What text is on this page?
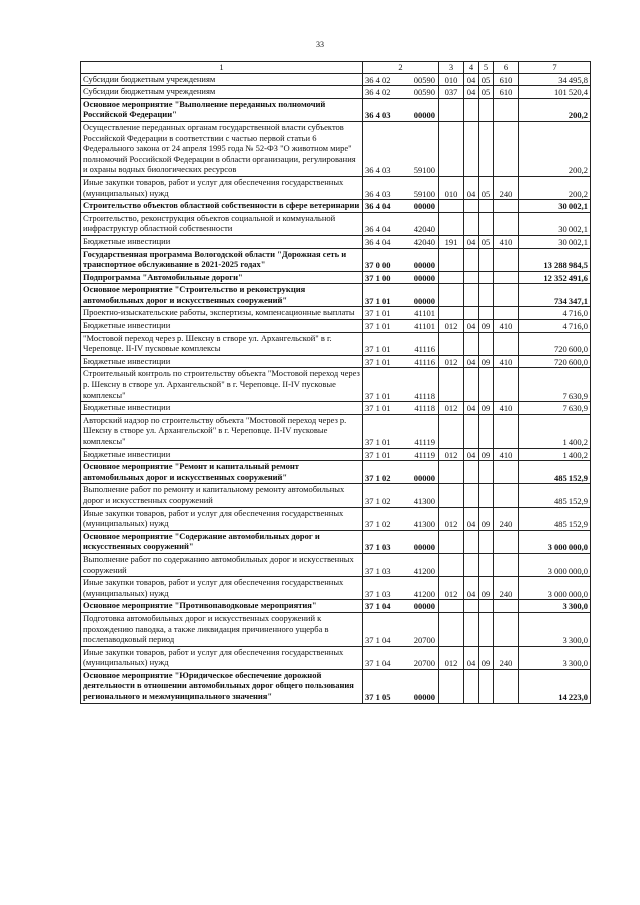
33
1	2		3	4	5	6	7
Субсидии бюджетным учреждениям	36 4 02	00590	010	04	05	610	34 495,8
Субсидии бюджетным учреждениям	36 4 02	00590	037	04	05	610	101 520,4
Основное мероприятие "Выполнение переданных полномочий Российской Федерации"	36 4 03	00000					200,2
Осуществление переданных органам государственной власти субъектов Российской Федерации в соответствии с частью первой статьи 6 Федерального закона от 24 апреля 1995 года № 52-ФЗ "О животном мире" полномочий Российской Федерации в области организации, регулирования и охраны водных биологических ресурсов	36 4 03	59100					200,2
Иные закупки товаров, работ и услуг для обеспечения государственных (муниципальных) нужд	36 4 03	59100	010	04	05	240	200,2
Строительство объектов областной собственности в сфере ветеринарии	36 4 04	00000					30 002,1
Строительство, реконструкция объектов социальной и коммунальной инфраструктур областной собственности	36 4 04	42040					30 002,1
Бюджетные инвестиции	36 4 04	42040	191	04	05	410	30 002,1
Государственная программа Вологодской области "Дорожная сеть и транспортное обслуживание в 2021-2025 годах"	37 0 00	00000					13 288 984,5
Подпрограмма "Автомобильные дороги"	37 1 00	00000					12 352 491,6
Основное мероприятие "Строительство и реконструкция автомобильных дорог и искусственных сооружений"	37 1 01	00000					734 347,1
Проектно-изыскательские работы, экспертизы, компенсационные выплаты	37 1 01	41101					4 716,0
Бюджетные инвестиции	37 1 01	41101	012	04	09	410	4 716,0
"Мостовой переход через р. Шексну в створе ул. Архангельской" в г. Череповце. II-IV пусковые комплексы	37 1 01	41116					720 600,0
Бюджетные инвестиции	37 1 01	41116	012	04	09	410	720 600,0
Строительный контроль по строительству объекта "Мостовой переход через р. Шексну в створе ул. Архангельской" в г. Череповце. II-IV пусковые комплексы"	37 1 01	41118					7 630,9
Бюджетные инвестиции	37 1 01	41118	012	04	09	410	7 630,9
Авторский надзор по строительству объекта "Мостовой переход через р. Шексну в створе ул. Архангельской" в г. Череповце. II-IV пусковые комплексы"	37 1 01	41119					1 400,2
Бюджетные инвестиции	37 1 01	41119	012	04	09	410	1 400,2
Основное мероприятие "Ремонт и капитальный ремонт автомобильных дорог и искусственных сооружений"	37 1 02	00000					485 152,9
Выполнение работ по ремонту и капитальному ремонту автомобильных дорог и искусственных сооружений	37 1 02	41300					485 152,9
Иные закупки товаров, работ и услуг для обеспечения государственных (муниципальных) нужд	37 1 02	41300	012	04	09	240	485 152,9
Основное мероприятие "Содержание автомобильных дорог и искусственных сооружений"	37 1 03	00000					3 000 000,0
Выполнение работ по содержанию автомобильных дорог и искусственных сооружений	37 1 03	41200					3 000 000,0
Иные закупки товаров, работ и услуг для обеспечения государственных (муниципальных) нужд	37 1 03	41200	012	04	09	240	3 000 000,0
Основное мероприятие "Противопаводковые мероприятия"	37 1 04	00000					3 300,0
Подготовка автомобильных дорог и искусственных сооружений к прохождению паводка, а также ликвидация причиненного ущерба в послепаводковый период	37 1 04	20700					3 300,0
Иные закупки товаров, работ и услуг для обеспечения государственных (муниципальных) нужд	37 1 04	20700	012	04	09	240	3 300,0
Основное мероприятие "Юридическое обеспечение дорожной деятельности в отношении автомобильных дорог общего пользования регионального и межмуниципального значения"	37 1 05	00000					14 223,0
